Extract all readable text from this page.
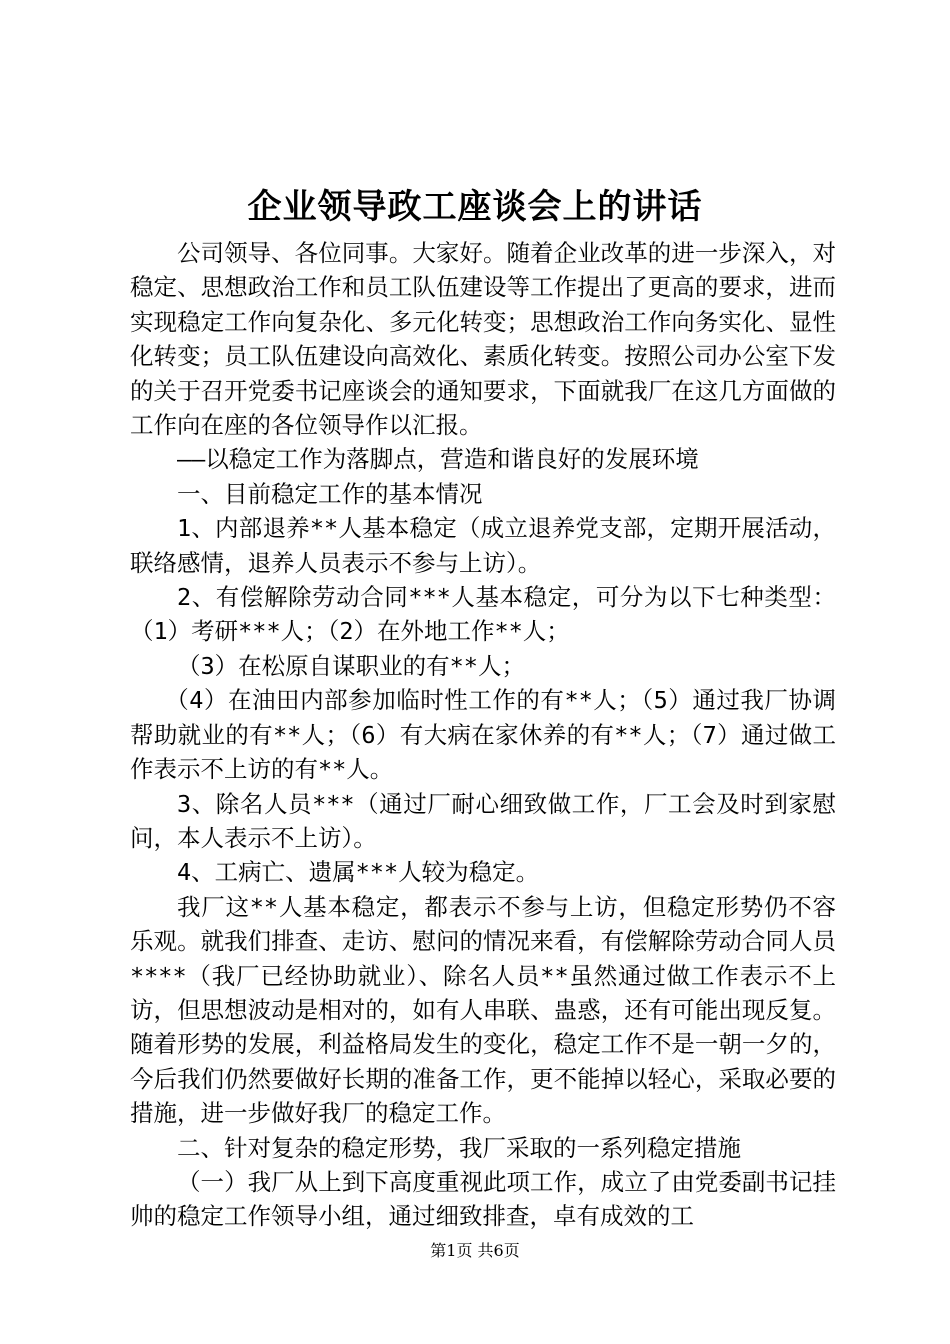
企业领导政工座谈会上的讲话

公司领导、各位同事。大家好。随着企业改革的进一步深入，对稳定、思想政治工作和员工队伍建设等工作提出了更高的要求，进而实现稳定工作向复杂化、多元化转变；思想政治工作向务实化、显性化转变；员工队伍建设向高效化、素质化转变。按照公司办公室下发的关于召开党委书记座谈会的通知要求，下面就我厂在这几方面做的工作向在座的各位领导作以汇报。

——以稳定工作为落脚点，营造和谐良好的发展环境

一、目前稳定工作的基本情况

1、内部退养**人基本稳定（成立退养党支部，定期开展活动，联络感情，退养人员表示不参与上访）。

2、有偿解除劳动合同***人基本稳定，可分为以下七种类型：（1）考研***人；（2）在外地工作**人；

（3）在松原自谋职业的有**人；

（4）在油田内部参加临时性工作的有**人；（5）通过我厂协调帮助就业的有**人；（6）有大病在家休养的有**人；（7）通过做工作表示不上访的有**人。

3、除名人员***（通过厂耐心细致做工作，厂工会及时到家慰问，本人表示不上访）。

4、工病亡、遗属***人较为稳定。

我厂这**人基本稳定，都表示不参与上访，但稳定形势仍不容乐观。就我们排查、走访、慰问的情况来看，有偿解除劳动合同人员****（我厂已经协助就业）、除名人员**虽然通过做工作表示不上访，但思想波动是相对的，如有人串联、蛊惑，还有可能出现反复。随着形势的发展，利益格局发生的变化，稳定工作不是一朝一夕的，今后我们仍然要做好长期的准备工作，更不能掉以轻心，采取必要的措施，进一步做好我厂的稳定工作。

二、针对复杂的稳定形势，我厂采取的一系列稳定措施

（一）我厂从上到下高度重视此项工作，成立了由党委副书记挂帅的稳定工作领导小组，通过细致排查，卓有成效的工

第1页 共6页
